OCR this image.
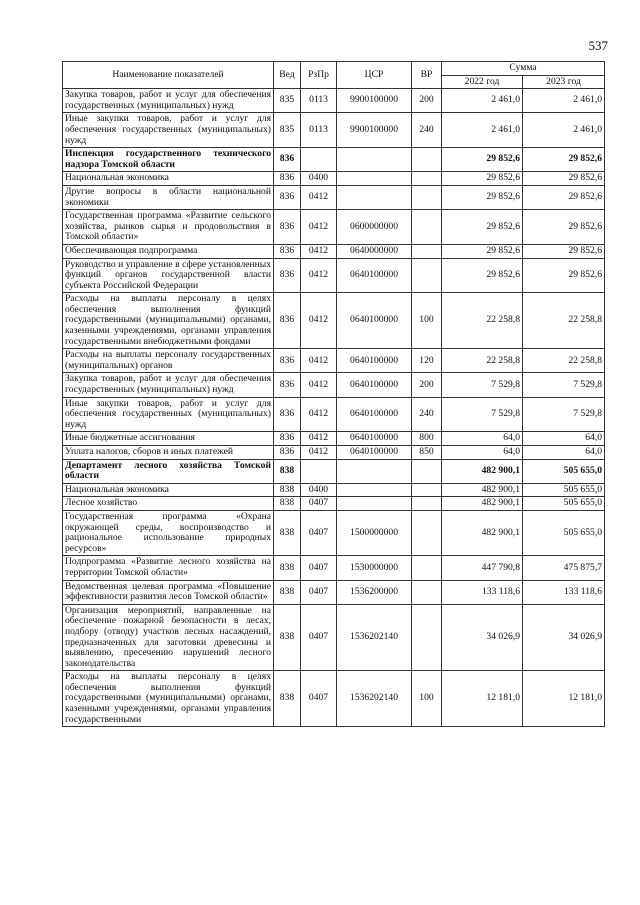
537
Наименование показателей	Вед	РзПр	ЦСР	ВР	Сумма	
					2022 год	2023 год
Закупка товаров, работ и услуг для обеспечения государственных (муниципальных) нужд	835	0113	9900100000	200	2 461,0	2 461,0
Иные закупки товаров, работ и услуг для обеспечения государственных (муниципальных) нужд	835	0113	9900100000	240	2 461,0	2 461,0
Инспекция государственного технического надзора Томской области	836				29 852,6	29 852,6
Национальная экономика	836	0400			29 852,6	29 852,6
Другие вопросы в области национальной экономики	836	0412			29 852,6	29 852,6
Государственная программа «Развитие сельского хозяйства, рынков сырья и продовольствия в Томской области»	836	0412	0600000000		29 852,6	29 852,6
Обеспечивающая подпрограмма	836	0412	0640000000		29 852,6	29 852,6
Руководство и управление в сфере установленных функций органов государственной власти субъекта Российской Федерации	836	0412	0640100000		29 852,6	29 852,6
Расходы на выплаты персоналу в целях обеспечения выполнения функций государственными (муниципальными) органами, казенными учреждениями, органами управления государственными внебюджетными фондами	836	0412	0640100000	100	22 258,8	22 258,8
Расходы на выплаты персоналу государственных (муниципальных) органов	836	0412	0640100000	120	22 258,8	22 258,8
Закупка товаров, работ и услуг для обеспечения государственных (муниципальных) нужд	836	0412	0640100000	200	7 529,8	7 529,8
Иные закупки товаров, работ и услуг для обеспечения государственных (муниципальных) нужд	836	0412	0640100000	240	7 529,8	7 529,8
Иные бюджетные ассигнования	836	0412	0640100000	800	64,0	64,0
Уплата налогов, сборов и иных платежей	836	0412	0640100000	850	64,0	64,0
Департамент лесного хозяйства Томской области	838				482 900,1	505 655,0
Национальная экономика	838	0400			482 900,1	505 655,0
Лесное хозяйство	838	0407			482 900,1	505 655,0
Государственная программа «Охрана окружающей среды, воспроизводство и рациональное использование природных ресурсов»	838	0407	1500000000		482 900,1	505 655,0
Подпрограмма «Развитие лесного хозяйства на территории Томской области»	838	0407	1530000000		447 790,8	475 875,7
Ведомственная целевая программа «Повышение эффективности развития лесов Томской области»	838	0407	1536200000		133 118,6	133 118,6
Организация мероприятий, направленные на обеспечение пожарной безопасности в лесах, подбору (отводу) участков лесных насаждений, предназначенных для заготовки древесины и выявлению, пресечению нарушений лесного законодательства	838	0407	1536202140		34 026,9	34 026,9
Расходы на выплаты персоналу в целях обеспечения выполнения функций государственными (муниципальными) органами, казенными учреждениями, органами управления государственными	838	0407	1536202140	100	12 181,0	12 181,0
